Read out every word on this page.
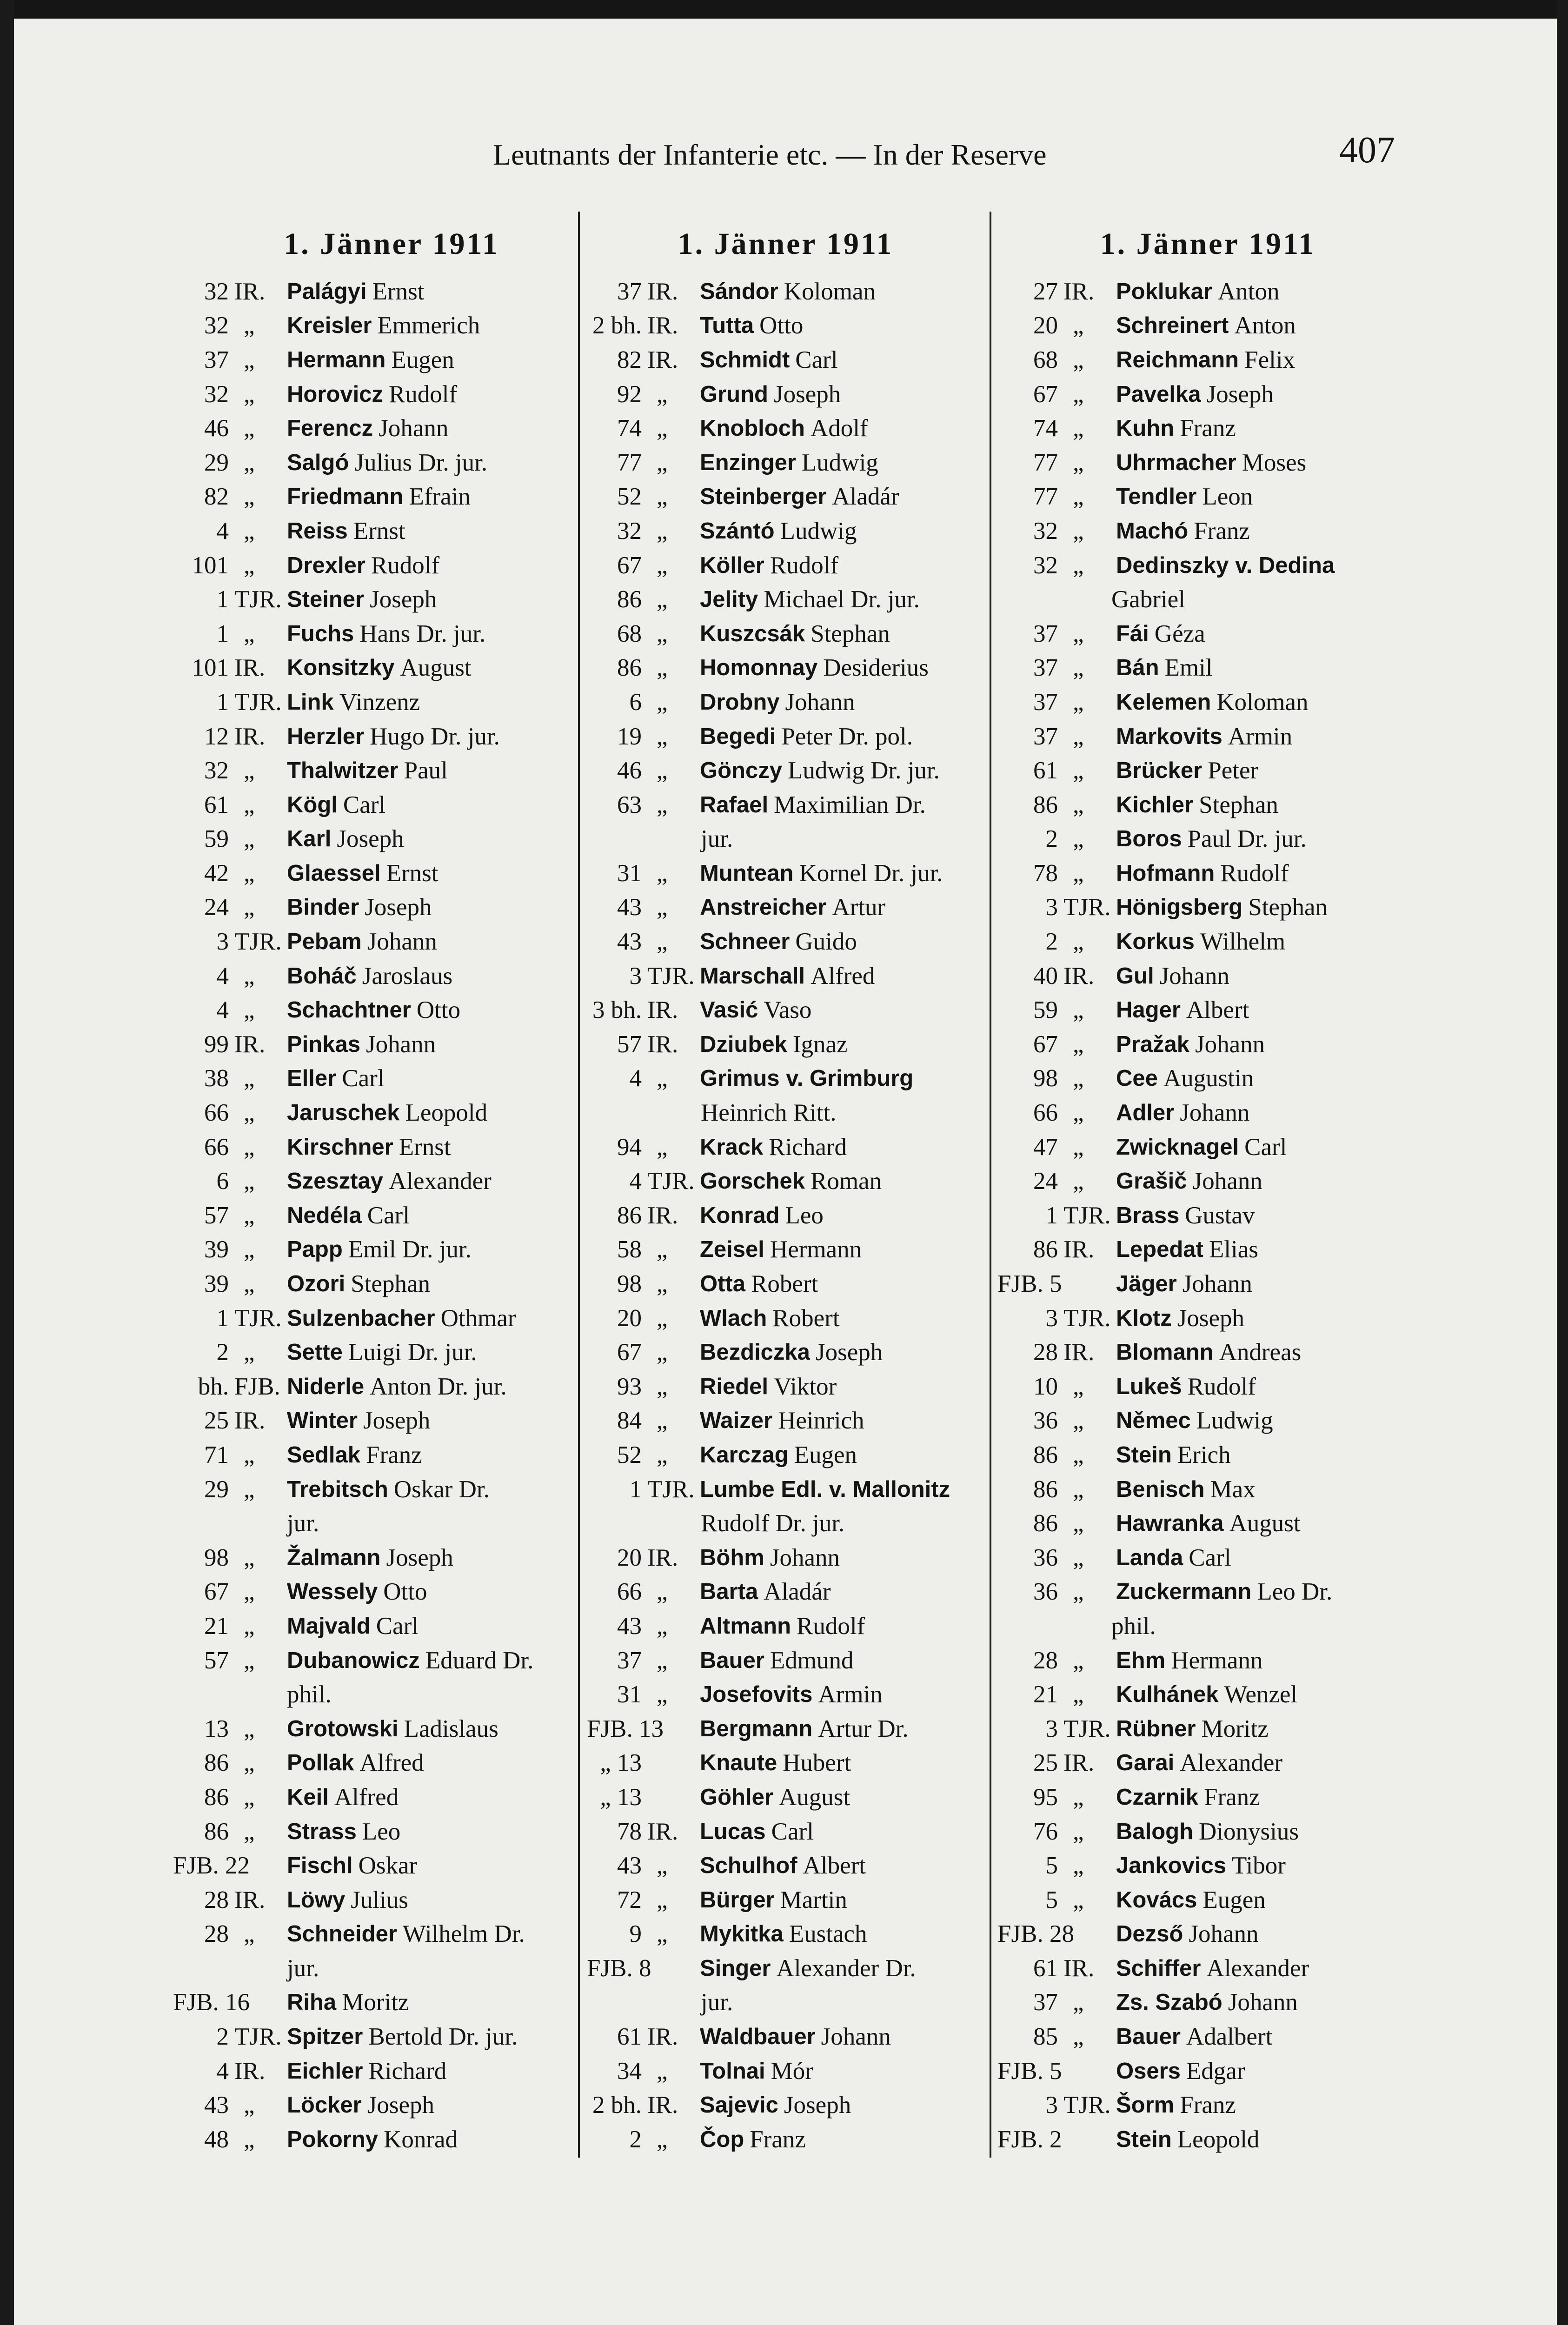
Leutnants der Infanterie etc. — In der Reserve	407
1. Jänner 1911
32 IR. Palágyi Ernst
32 „	Kreisler Emmerich
37 „	Hermann Eugen
32 „	Horovicz Rudolf
46 „	Ferencz Johann
29 „	Salgó Julius Dr. jur.
82 „	Friedmann Efrain
4 „	Reiss Ernst
101 „	Drexler Rudolf
1 TJR. Steiner Joseph
1 „	Fuchs Hans Dr. jur.
101 IR. Konsitzky August
1 TJR. Link Vinzenz
12 IR. Herzler Hugo Dr. jur.
32 „	Thalwitzer Paul
61 „	Kögl Carl
59 „	Karl Joseph
42 „	Glaessel Ernst
24 „	Binder Joseph
3 TJR. Pebam Johann
4 „	Boháč Jaroslaus
4 „	Schachtner Otto
99 IR. Pinkas Johann
38 „	Eller Carl
66 „	Jaruschek Leopold
66 „	Kirschner Ernst
6 „	Szesztay Alexander
57 „	Nedéla Carl
39 „	Papp Emil Dr. jur.
39 „	Ozori Stephan
1 TJR. Sulzenbacher Othmar
2 „	Sette Luigi Dr. jur.
bh. FJB. Niderle Anton Dr. jur.
25 IR. Winter Joseph
71 „	Sedlak Franz
29 „	Trebitsch Oskar Dr.
jur.
98 „	Žalmann Joseph
67 „	Wessely Otto
21 „	Majvald Carl
57 „	Dubanowicz Eduard Dr.
phil.
13 „	Grotowski Ladislaus
86 „	Pollak Alfred
86 „	Keil Alfred
86 „	Strass Leo
FJB. 22 Fischl Oskar
28 IR. Löwy Julius
28 „	Schneider Wilhelm Dr.
jur.
FJB. 16 Riha Moritz
2 TJR. Spitzer Bertold Dr. jur.
4 IR. Eichler Richard
43 „	Löcker Joseph
48 „	Pokorny Konrad
1. Jänner 1911
37 IR. Sándor Koloman
2 bh. IR. Tutta Otto
82 IR. Schmidt Carl
92 „	Grund Joseph
74 „	Knobloch Adolf
77 „	Enzinger Ludwig
52 „	Steinberger Aladár
32 „	Szántó Ludwig
67 „	Köller Rudolf
86 „	Jelity Michael Dr. jur.
68 „	Kuszcsák Stephan
86 „	Homonnay Desiderius
6 „	Drobny Johann
19 „	Begedi Peter Dr. pol.
46 „	Gönczy Ludwig Dr. jur.
63 „	Rafael Maximilian Dr.
jur.
31 „	Muntean Kornel Dr. jur.
43 „	Anstreicher Artur
43 „	Schneer Guido
3 TJR. Marschall Alfred
3 bh. IR. Vasić Vaso
57 IR. Dziubek Ignaz
4 „	Grimus v. Grimburg
Heinrich Ritt.
94 „	Krack Richard
4 TJR. Gorschek Roman
86 IR. Konrad Leo
58 „	Zeisel Hermann
98 „	Otta Robert
20 „	Wlach Robert
67 „	Bezdiczka Joseph
93 „	Riedel Viktor
84 „	Waizer Heinrich
52 „	Karczag Eugen
1 TJR. Lumbe Edl. v. Mallonitz
Rudolf Dr. jur.
20 IR. Böhm Johann
66 „	Barta Aladár
43 „	Altmann Rudolf
37 „	Bauer Edmund
31 „	Josefovits Armin
FJB. 13 Bergmann Artur Dr.
„ 13	Knaute Hubert
„ 13	Göhler August
78 IR. Lucas Carl
43 „	Schulhof Albert
72 „	Bürger Martin
9 „	Mykitka Eustach
FJB. 8 Singer Alexander Dr.
jur.
61 IR. Waldbauer Johann
34 „	Tolnai Mór
2 bh. IR. Sajevic Joseph
2 „	Čop Franz
1. Jänner 1911
27 IR. Poklukar Anton
20 „	Schreinert Anton
68 „	Reichmann Felix
67 „	Pavelka Joseph
74 „	Kuhn Franz
77 „	Uhrmacher Moses
77 „	Tendler Leon
32 „	Machó Franz
32 „	Dedinszky v. Dedina
Gabriel
37 „	Fái Géza
37 „	Bán Emil
37 „	Kelemen Koloman
37 „	Markovits Armin
61 „	Brücker Peter
86 „	Kichler Stephan
2 „	Boros Paul Dr. jur.
78 „	Hofmann Rudolf
3 TJR. Hönigsberg Stephan
2 „	Korkus Wilhelm
40 IR. Gul Johann
59 „	Hager Albert
67 „	Pražak Johann
98 „	Cee Augustin
66 „	Adler Johann
47 „	Zwicknagel Carl
24 „	Grašič Johann
1 TJR. Brass Gustav
86 IR. Lepedat Elias
FJB. 5 Jäger Johann
3 TJR. Klotz Joseph
28 IR. Blomann Andreas
10 „	Lukeš Rudolf
36 „	Němec Ludwig
86 „	Stein Erich
86 „	Benisch Max
86 „	Hawranka August
36 „	Landa Carl
36 „	Zuckermann Leo Dr.
phil.
28 „	Ehm Hermann
21 „	Kulhánek Wenzel
3 TJR. Rübner Moritz
25 IR. Garai Alexander
95 „	Czarnik Franz
76 „	Balogh Dionysius
5 „	Jankovics Tibor
5 „	Kovács Eugen
FJB. 28 Dezső Johann
61 IR. Schiffer Alexander
37 „	Zs. Szabó Johann
85 „	Bauer Adalbert
FJB. 5 Osers Edgar
3 TJR. Šorm Franz
FJB. 2 Stein Leopold
